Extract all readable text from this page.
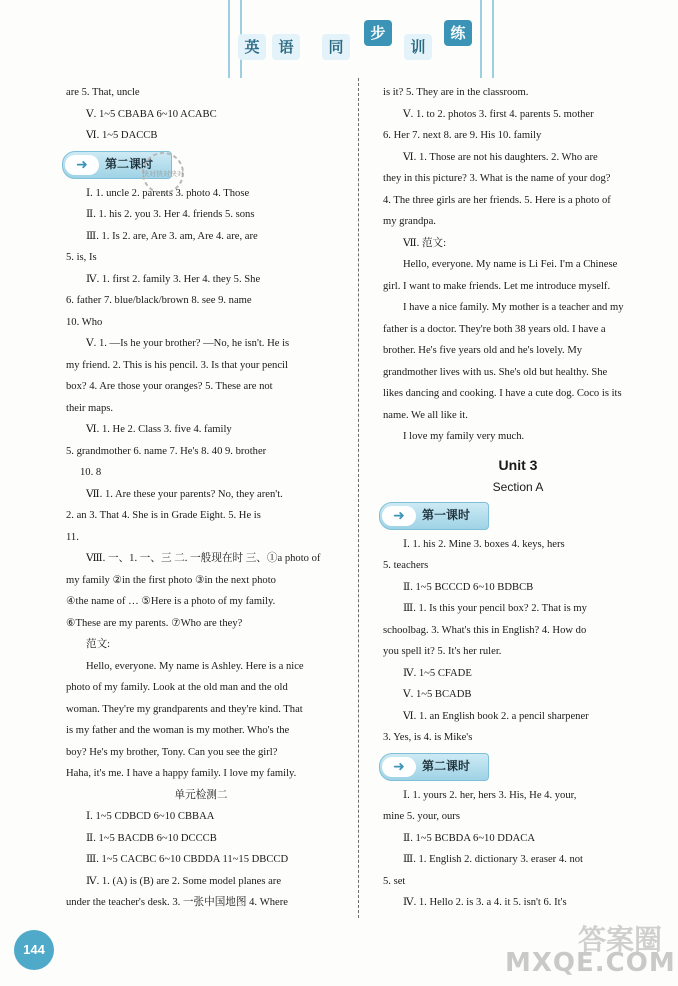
英	语	同
步
训
练

are 5. That, uncle

Ⅴ. 1~5 CBABA 6~10 ACABC

Ⅵ. 1~5 DACCB

➜	第二课时

Ⅰ. 1. uncle 2. parents 3. photo 4. Those

Ⅱ. 1. his 2. you 3. Her 4. friends 5. sons

Ⅲ. 1. Is 2. are, Are 3. am, Are 4. are, are

5. is, Is

Ⅳ. 1. first 2. family 3. Her 4. they 5. She

6. father 7. blue/black/brown 8. see 9. name

10. Who

Ⅴ. 1. —Is he your brother? —No, he isn't. He is

my friend. 2. This is his pencil. 3. Is that your pencil

box? 4. Are those your oranges? 5. These are not

their maps.

Ⅵ. 1. He 2. Class 3. five 4. family

5. grandmother 6. name 7. He's 8. 40 9. brother

10. 8

Ⅶ. 1. Are these your parents? No, they aren't.

2. an 3. That 4. She is in Grade Eight. 5. He is

11.

Ⅷ. 一、1. 一、三 二. 一般现在时 三、①a photo of

my family ②in the first photo ③in the next photo

④the name of … ⑤Here is a photo of my family.

⑥These are my parents. ⑦Who are they?

范文:

Hello, everyone. My name is Ashley. Here is a nice

photo of my family. Look at the old man and the old

woman. They're my grandparents and they're kind. That

is my father and the woman is my mother. Who's the

boy? He's my brother, Tony. Can you see the girl?

Haha, it's me. I have a happy family. I love my family.

单元检测二

Ⅰ. 1~5 CDBCD 6~10 CBBAA

Ⅱ. 1~5 BACDB 6~10 DCCCB

Ⅲ. 1~5 CACBC 6~10 CBDDA 11~15 DBCCD

Ⅳ. 1. (A) is (B) are 2. Some model planes are

under the teacher's desk. 3. 一张中国地图 4. Where

is it? 5. They are in the classroom.

Ⅴ. 1. to 2. photos 3. first 4. parents 5. mother

6. Her 7. next 8. are 9. His 10. family

Ⅵ. 1. Those are not his daughters. 2. Who are

they in this picture? 3. What is the name of your dog?

4. The three girls are her friends. 5. Here is a photo of

my grandpa.

Ⅶ. 范文:

Hello, everyone. My name is Li Fei. I'm a Chinese

girl. I want to make friends. Let me introduce myself.

I have a nice family. My mother is a teacher and my

father is a doctor. They're both 38 years old. I have a

brother. He's five years old and he's lovely. My

grandmother lives with us. She's old but healthy. She

likes dancing and cooking. I have a cute dog. Coco is its

name. We all like it.

I love my family very much.

Unit 3
Section A
➜	第一课时

Ⅰ. 1. his 2. Mine 3. boxes 4. keys, hers

5. teachers

Ⅱ. 1~5 BCCCD 6~10 BDBCB

Ⅲ. 1. Is this your pencil box? 2. That is my

schoolbag. 3. What's this in English? 4. How do

you spell it? 5. It's her ruler.

Ⅳ. 1~5 CFADE

Ⅴ. 1~5 BCADB

Ⅵ. 1. an English book 2. a pencil sharpener

3. Yes, is 4. is Mike's

➜	第二课时

Ⅰ. 1. yours 2. her, hers 3. His, He 4. your,

mine 5. your, ours

Ⅱ. 1~5 BCBDA 6~10 DDACA

Ⅲ. 1. English 2. dictionary 3. eraser 4. not

5. set

Ⅳ. 1. Hello 2. is 3. a 4. it 5. isn't 6. It's

快对快对快对
144	答案圈
MXQE.COM
